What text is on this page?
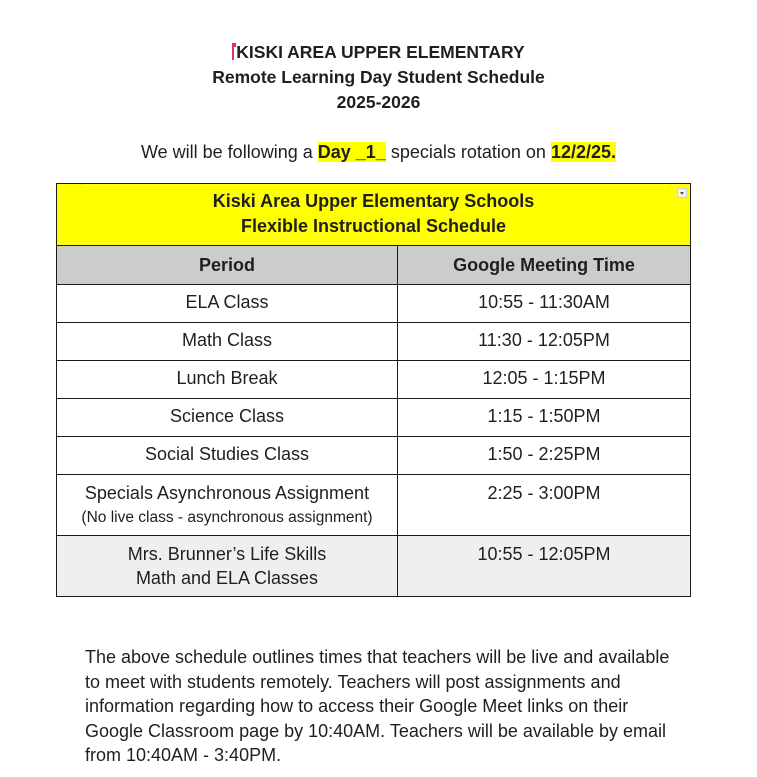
KISKI AREA UPPER ELEMENTARY
Remote Learning Day Student Schedule
2025-2026
We will be following a Day _1_ specials rotation on 12/2/25.
Kiski Area Upper Elementary Schools
Flexible Instructional Schedule	

Period	Google Meeting Time
ELA Class	10:55 - 11:30AM
Math Class	11:30 - 12:05PM
Lunch Break	12:05 - 1:15PM
Science Class	1:15 - 1:50PM
Social Studies Class	1:50 - 2:25PM

Specials Asynchronous Assignment
(No live class - asynchronous assignment)	2:25 - 3:00PM

Mrs. Brunner’s Life Skills
Math and ELA Classes	10:55 - 12:05PM

The above schedule outlines times that teachers will be live and available to meet with students remotely. Teachers will post assignments and information regarding how to access their Google Meet links on their Google Classroom page by 10:40AM. Teachers will be available by email from 10:40AM - 3:40PM.
